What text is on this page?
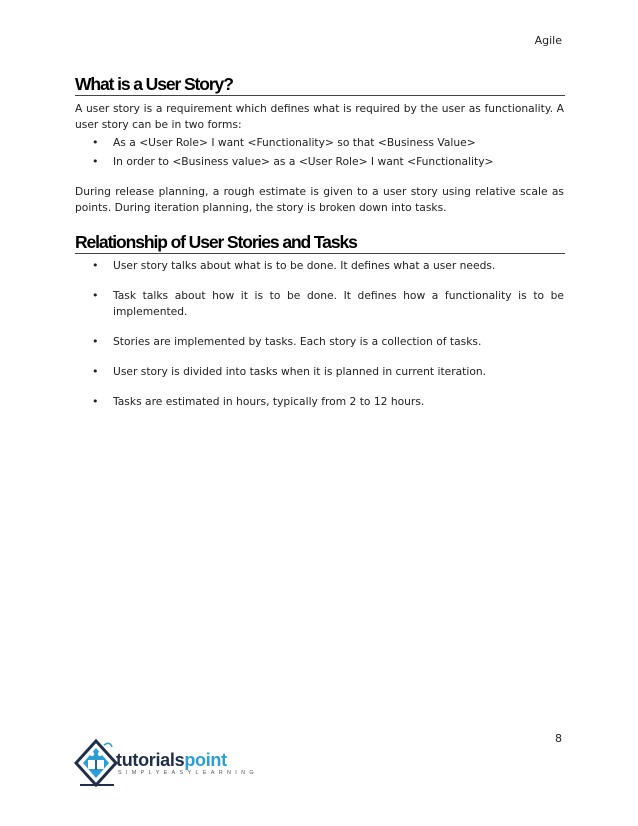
Agile
What is a User Story?

A user story is a requirement which defines what is required by the user as functionality. A user story can be in two forms:

• As a <User Role> I want <Functionality> so that <Business Value>
• In order to <Business value> as a <User Role> I want <Functionality>

During release planning, a rough estimate is given to a user story using relative scale as points. During iteration planning, the story is broken down into tasks.

Relationship of User Stories and Tasks
• User story talks about what is to be done. It defines what a user needs.
• Task talks about how it is to be done. It defines how a functionality is to be implemented.
• Stories are implemented by tasks. Each story is a collection of tasks.
• User story is divided into tasks when it is planned in current iteration.
• Tasks are estimated in hours, typically from 2 to 12 hours.
8
tutorialspoint
SIMPLYEASYLEARNING
